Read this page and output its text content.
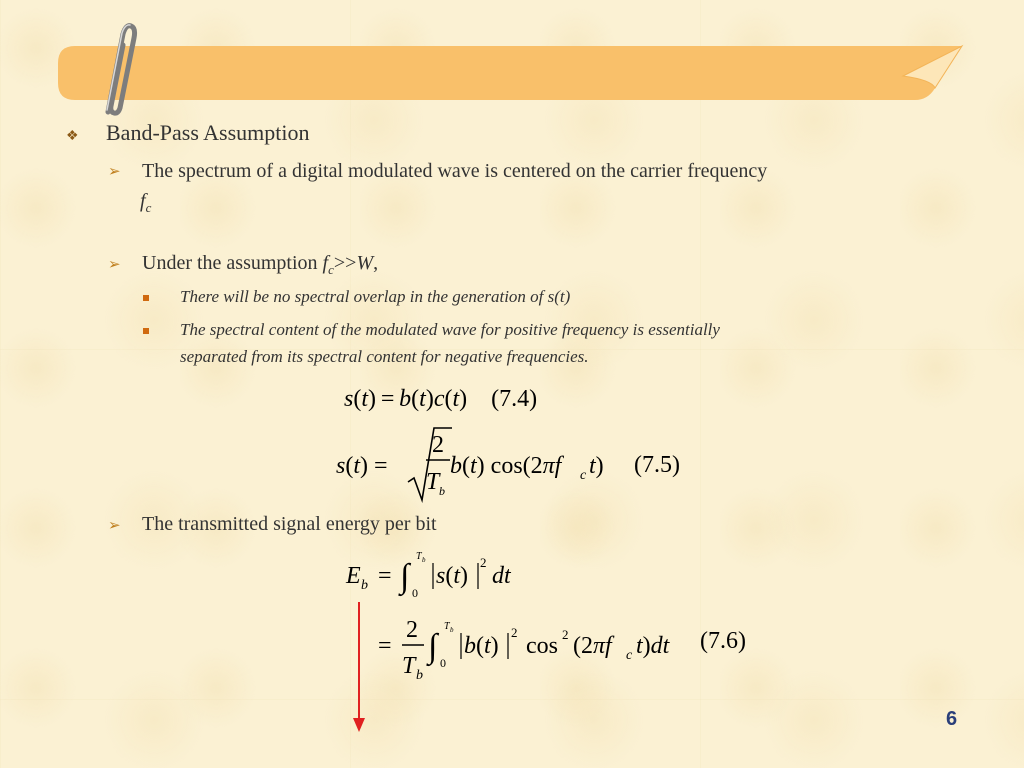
❖ Band-Pass Assumption
➢ The spectrum of a digital modulated wave is centered on the carrier frequency
$f_c$
➢ Under the assumption $f_c>>W$,
There will be no spectral overlap in the generation of s(t)
The spectral content of the modulated wave for positive frequency is essentially
separated from its spectral content for negative frequencies.
s(t) = b(t)c(t)    (7.4)
s(t) =
2
T b
b(t) cos(2πf c t) (7.5)
➢ The transmitted signal energy per bit
E b = ∫
T b
0
s(t)
2
dt
=
2
T b
∫
T b
0
b(t)
2
cos 2 (2πf c t)dt (7.6)
6
